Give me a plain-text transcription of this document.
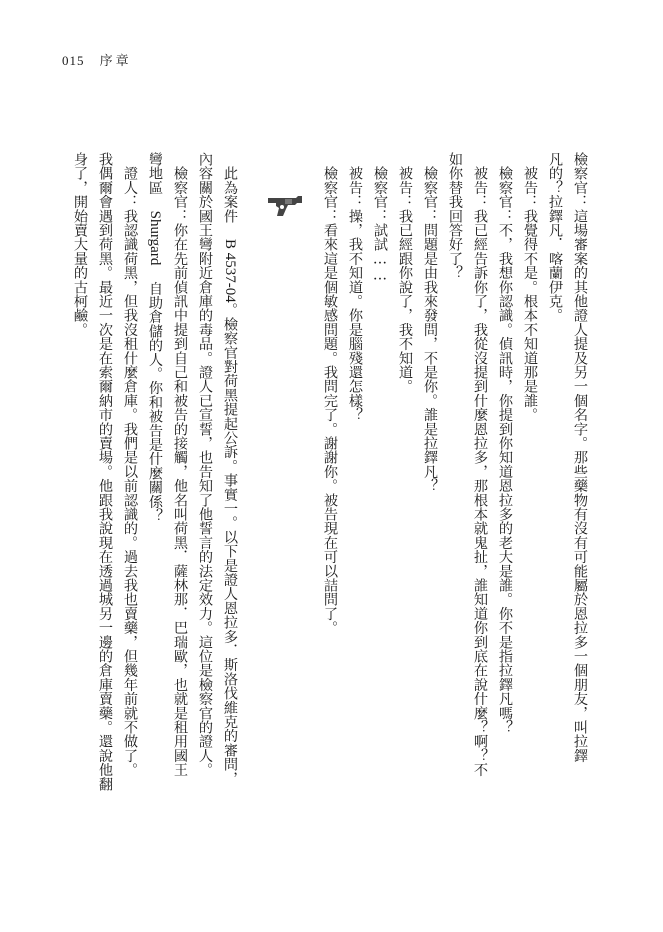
015 序章
檢察官：這場審案的其他證人提及另一個名字。那些藥物有沒有可能屬於恩拉多一個朋友，叫拉鐸
凡的？拉鐸凡．喀蘭伊克。
　被告：我覺得不是。根本不知道那是誰。
　檢察官：不，我想你認識。偵訊時，你提到你知道恩拉多的老大是誰。你不是指拉鐸凡嗎？
　被告：我已經告訴你了，我從沒提到什麼恩拉多，那根本就鬼扯，誰知道你到底在說什麼？啊？不
如你替我回答好了？
　檢察官：問題是由我來發問，不是你。誰是拉鐸凡？
　被告：我已經跟你說了，我不知道。
　檢察官：試試……
　被告：操，我不知道。你是腦殘還怎樣？
　檢察官：看來這是個敏感問題。我問完了。謝謝你。被告現在可以詰問了。
　此為案件 B 4537-04。檢察官對荷黑提起公訴。事實一。以下是證人恩拉多．斯洛伐維克的審問，
內容關於國王彎附近倉庫的毒品。證人已宣誓，也告知了他誓言的法定效力。這位是檢察官的證人。
　檢察官：你在先前偵訊中提到自己和被告的接觸，他名叫荷黑．薩林那．巴瑞歐，也就是租用國王
彎地區 Shurgard 自助倉儲的人。你和被告是什麼關係？
　證人：我認識荷黑，但我沒租什麼倉庫。我們是以前認識的。過去我也賣藥，但幾年前就不做了。
我偶爾會遇到荷黑。最近一次是在索爾納市的賣場。他跟我說現在透過城另一邊的倉庫賣藥。還說他翻
身了，開始賣大量的古柯鹼。
